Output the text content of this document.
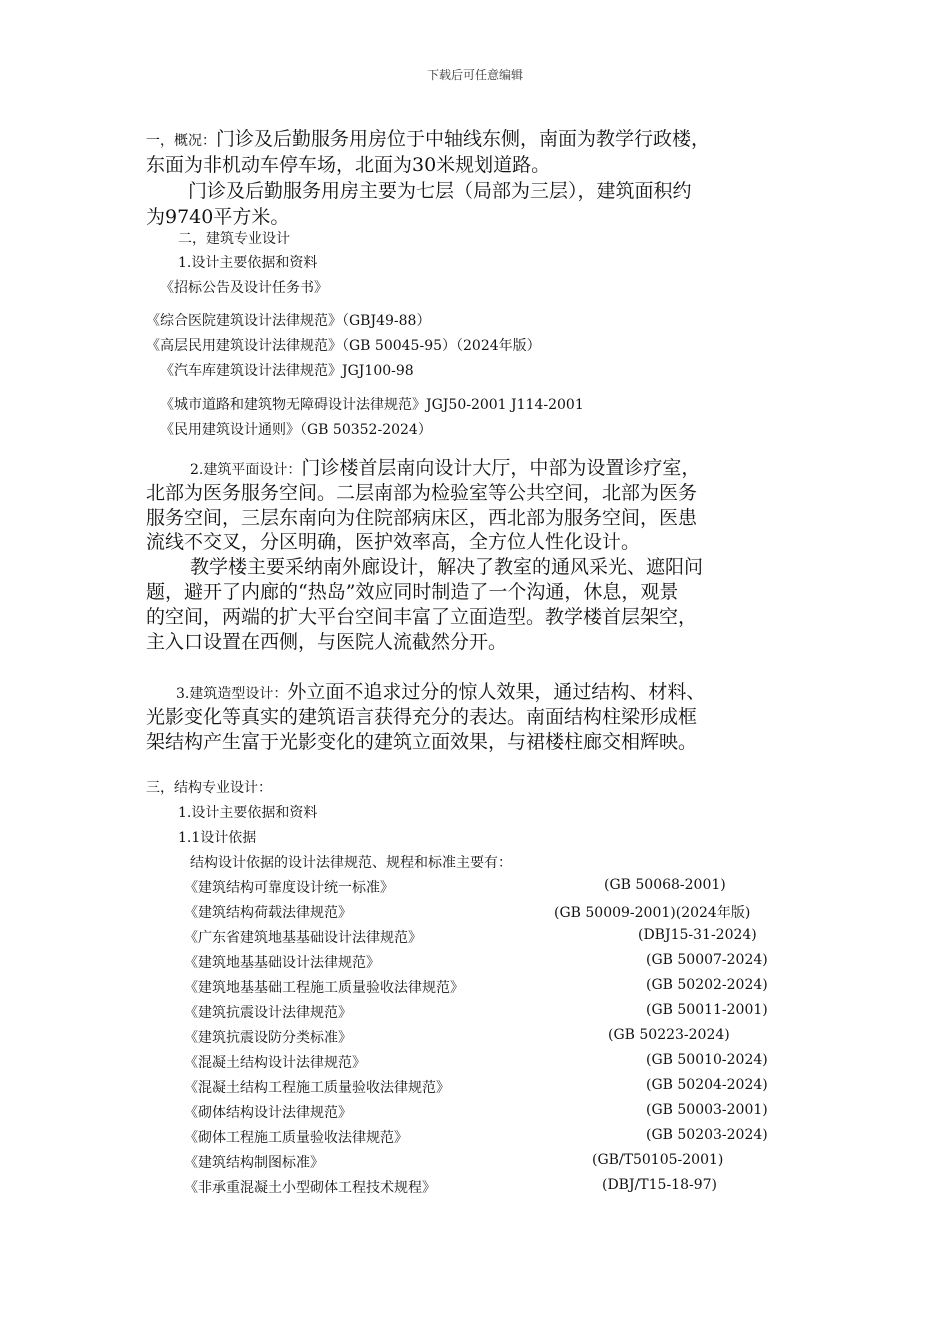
下载后可任意编辑
一，概况：门诊及后勤服务用房位于中轴线东侧，南面为教学行政楼，
东面为非机动车停车场，北面为30米规划道路。
门诊及后勤服务用房主要为七层（局部为三层），建筑面积约
为9740平方米。
二，建筑专业设计
1.设计主要依据和资料
《招标公告及设计任务书》
《综合医院建筑设计法律规范》（GBJ49-88）
《高层民用建筑设计法律规范》（GB 50045-95）（2024年版）
《汽车库建筑设计法律规范》JGJ100-98
《城市道路和建筑物无障碍设计法律规范》JGJ50-2001 J114-2001
《民用建筑设计通则》（GB 50352-2024）
2.建筑平面设计：门诊楼首层南向设计大厅，中部为设置诊疗室，
北部为医务服务空间。二层南部为检验室等公共空间，北部为医务
服务空间，三层东南向为住院部病床区，西北部为服务空间，医患
流线不交叉，分区明确，医护效率高，全方位人性化设计。
教学楼主要采纳南外廊设计，解决了教室的通风采光、遮阳问
题，避开了内廊的“热岛”效应同时制造了一个沟通，休息，观景
的空间，两端的扩大平台空间丰富了立面造型。教学楼首层架空，
主入口设置在西侧，与医院人流截然分开。
3.建筑造型设计：外立面不追求过分的惊人效果，通过结构、材料、
光影变化等真实的建筑语言获得充分的表达。南面结构柱梁形成框
架结构产生富于光影变化的建筑立面效果，与裙楼柱廊交相辉映。
三，结构专业设计：
1.设计主要依据和资料
1.1设计依据
结构设计依据的设计法律规范、规程和标准主要有：
《建筑结构可靠度设计统一标准》	(GB 50068-2001)
《建筑结构荷载法律规范》	(GB 50009-2001)(2024年版)
《广东省建筑地基基础设计法律规范》	(DBJ15-31-2024)
《建筑地基基础设计法律规范》	(GB 50007-2024)
《建筑地基基础工程施工质量验收法律规范》	(GB 50202-2024)
《建筑抗震设计法律规范》	(GB 50011-2001)
《建筑抗震设防分类标准》	(GB 50223-2024)
《混凝土结构设计法律规范》	(GB 50010-2024)
《混凝土结构工程施工质量验收法律规范》	(GB 50204-2024)
《砌体结构设计法律规范》	(GB 50003-2001)
《砌体工程施工质量验收法律规范》	(GB 50203-2024)
《建筑结构制图标准》	(GB/T50105-2001)
《非承重混凝土小型砌体工程技术规程》	(DBJ/T15-18-97)
